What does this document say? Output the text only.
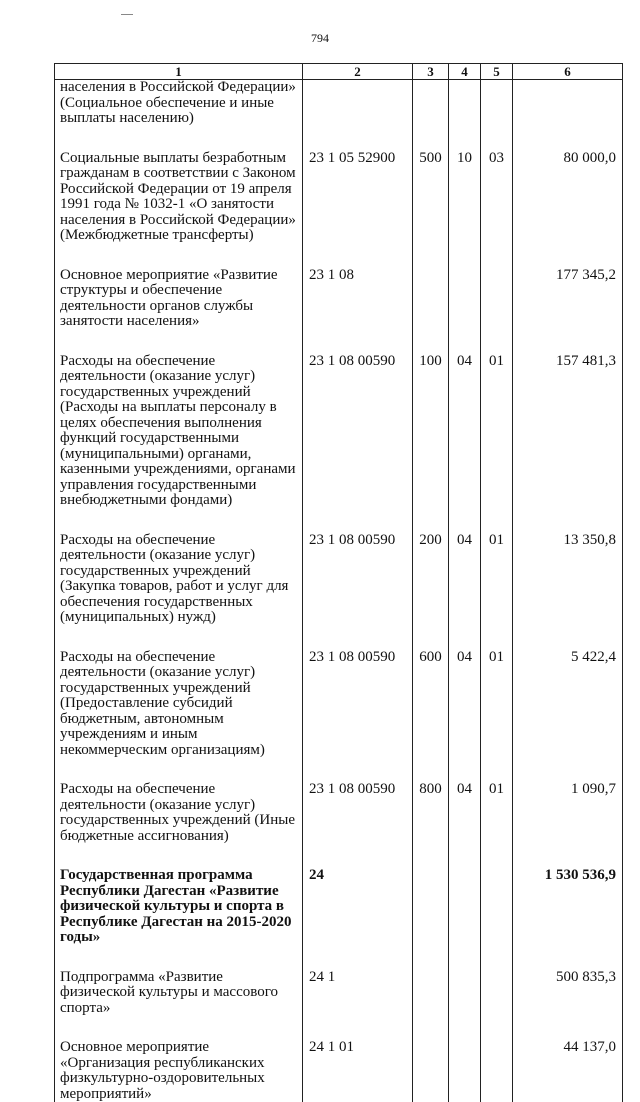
794
1	2	3	4	5	6
населения в Российской Федерации» (Социальное обеспечение и иные выплаты населению)					

Социальные выплаты безработным гражданам в соответствии с Законом Российской Федерации от 19 апреля 1991 года № 1032-1 «О занятости населения в Российской Федерации» (Межбюджетные трансферты)	23 1 05 52900	500	10	03	80 000,0

Основное мероприятие «Развитие структуры и обеспечение деятельности органов службы занятости населения»	23 1 08				177 345,2

Расходы на обеспечение деятельности (оказание услуг) государственных учреждений (Расходы на выплаты персоналу в целях обеспечения выполнения функций государственными (муниципальными) органами, казенными учреждениями, органами управления государственными внебюджетными фондами)	23 1 08 00590	100	04	01	157 481,3

Расходы на обеспечение деятельности (оказание услуг) государственных учреждений (Закупка товаров, работ и услуг для обеспечения государственных (муниципальных) нужд)	23 1 08 00590	200	04	01	13 350,8

Расходы на обеспечение деятельности (оказание услуг) государственных учреждений (Предоставление субсидий бюджетным, автономным учреждениям и иным некоммерческим организациям)	23 1 08 00590	600	04	01	5 422,4

Расходы на обеспечение деятельности (оказание услуг) государственных учреждений (Иные бюджетные ассигнования)	23 1 08 00590	800	04	01	1 090,7

Государственная программа Республики Дагестан «Развитие физической культуры и спорта в Республике Дагестан на 2015-2020 годы»	24				1 530 536,9

Подпрограмма «Развитие физической культуры и массового спорта»	24 1				500 835,3

Основное мероприятие «Организация республиканских физкультурно-оздоровительных мероприятий»	24 1 01				44 137,0
